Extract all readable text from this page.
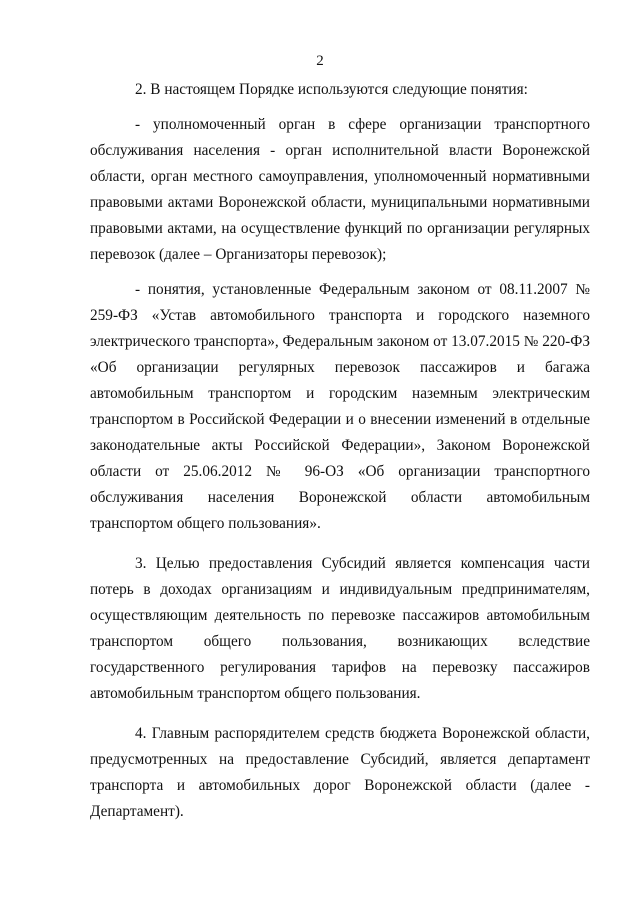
2

2. В настоящем Порядке используются следующие понятия:

- уполномоченный орган в сфере организации транспортного обслуживания населения - орган исполнительной власти Воронежской области, орган местного самоуправления, уполномоченный нормативными правовыми актами Воронежской области, муниципальными нормативными правовыми актами, на осуществление функций по организации регулярных перевозок (далее – Организаторы перевозок);

- понятия, установленные Федеральным законом от 08.11.2007 № 259-ФЗ «Устав автомобильного транспорта и городского наземного электрического транспорта», Федеральным законом от 13.07.2015 № 220-ФЗ «Об организации регулярных перевозок пассажиров и багажа автомобильным транспортом и городским наземным электрическим транспортом в Российской Федерации и о внесении изменений в отдельные законодательные акты Российской Федерации», Законом Воронежской области от 25.06.2012 № 96-ОЗ «Об организации транспортного обслуживания населения Воронежской области автомобильным транспортом общего пользования».

3. Целью предоставления Субсидий является компенсация части потерь в доходах организациям и индивидуальным предпринимателям, осуществляющим деятельность по перевозке пассажиров автомобильным транспортом общего пользования, возникающих вследствие государственного регулирования тарифов на перевозку пассажиров автомобильным транспортом общего пользования.

4. Главным распорядителем средств бюджета Воронежской области, предусмотренных на предоставление Субсидий, является департамент транспорта и автомобильных дорог Воронежской области (далее - Департамент).
